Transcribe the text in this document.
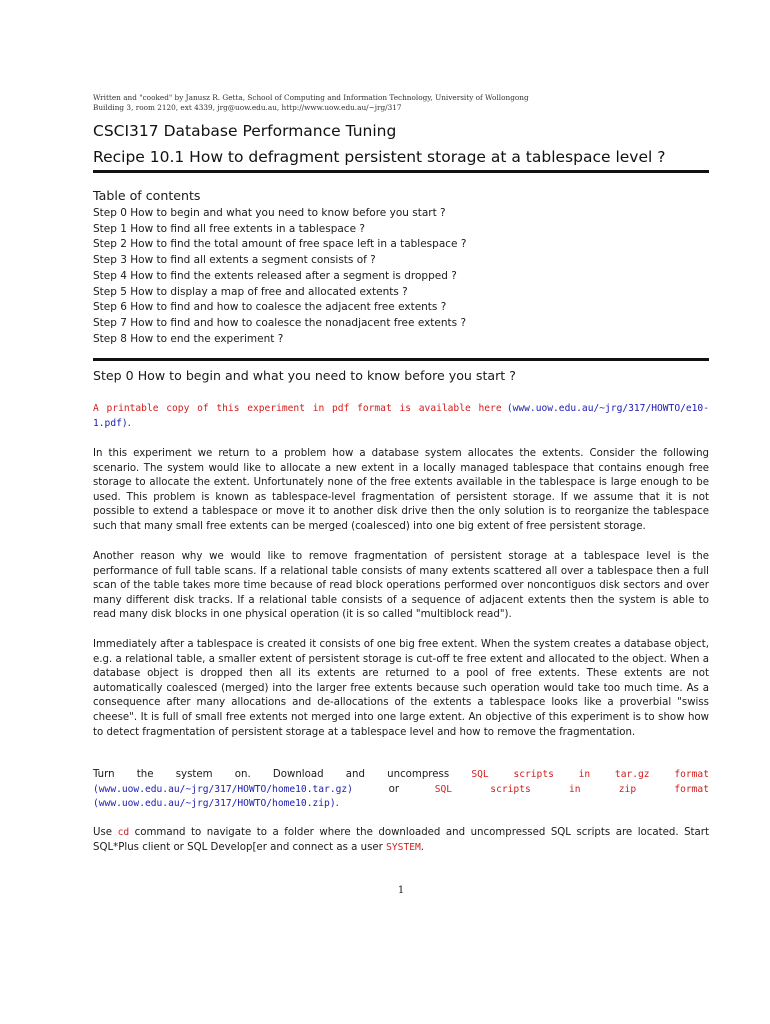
Written and "cooked" by Janusz R. Getta, School of Computing and Information Technology, University of Wollongong
Building 3, room 2120, ext 4339, jrg@uow.edu.au, http://www.uow.edu.au/~jrg/317
CSCI317 Database Performance Tuning
Recipe 10.1 How to defragment persistent storage at a tablespace level ?
Table of contents
Step 0 How to begin and what you need to know before you start ?
Step 1 How to find all free extents in a tablespace ?
Step 2 How to find the total amount of free space left in a tablespace ?
Step 3 How to find all extents a segment consists of ?
Step 4 How to find the extents released after a segment is dropped ?
Step 5 How to display a map of free and allocated extents ?
Step 6 How to find and how to coalesce the adjacent free extents ?
Step 7 How to find and how to coalesce the nonadjacent free extents ?
Step 8 How to end the experiment ?
Step 0 How to begin and what you need to know before you start ?

A printable copy of this experiment in pdf format is available here (www.uow.edu.au/~jrg/317/HOWTO/e10-1.pdf).

In this experiment we return to a problem how a database system allocates the extents. Consider the following scenario. The system would like to allocate a new extent in a locally managed tablespace that contains enough free storage to allocate the extent. Unfortunately none of the free extents available in the tablespace is large enough to be used. This problem is known as tablespace-level fragmentation of persistent storage. If we assume that it is not possible to extend a tablespace or move it to another disk drive then the only solution is to reorganize the tablespace such that many small free extents can be merged (coalesced) into one big extent of free persistent storage.

Another reason why we would like to remove fragmentation of persistent storage at a tablespace level is the performance of full table scans. If a relational table consists of many extents scattered all over a tablespace then a full scan of the table takes more time because of read block operations performed over noncontiguos disk sectors and over many different disk tracks. If a relational table consists of a sequence of adjacent extents then the system is able to read many disk blocks in one physical operation (it is so called "multiblock read").

Immediately after a tablespace is created it consists of one big free extent. When the system creates a database object, e.g. a relational table, a smaller extent of persistent storage is cut-off te free extent and allocated to the object. When a database object is dropped then all its extents are returned to a pool of free extents. These extents are not automatically coalesced (merged) into the larger free extents because such operation would take too much time. As a consequence after many allocations and de-allocations of the extents a tablespace looks like a proverbial "swiss cheese". It is full of small free extents not merged into one large extent. An objective of this experiment is to show how to detect fragmentation of persistent storage at a tablespace level and how to remove the fragmentation.

Turn the system on. Download and uncompress SQL scripts in tar.gz format (www.uow.edu.au/~jrg/317/HOWTO/home10.tar.gz)	or	SQL scripts in zip format (www.uow.edu.au/~jrg/317/HOWTO/home10.zip).

Use cd command to navigate to a folder where the downloaded and uncompressed SQL scripts are located. Start SQL*Plus client or SQL Develop[er and connect as a user SYSTEM.

1
